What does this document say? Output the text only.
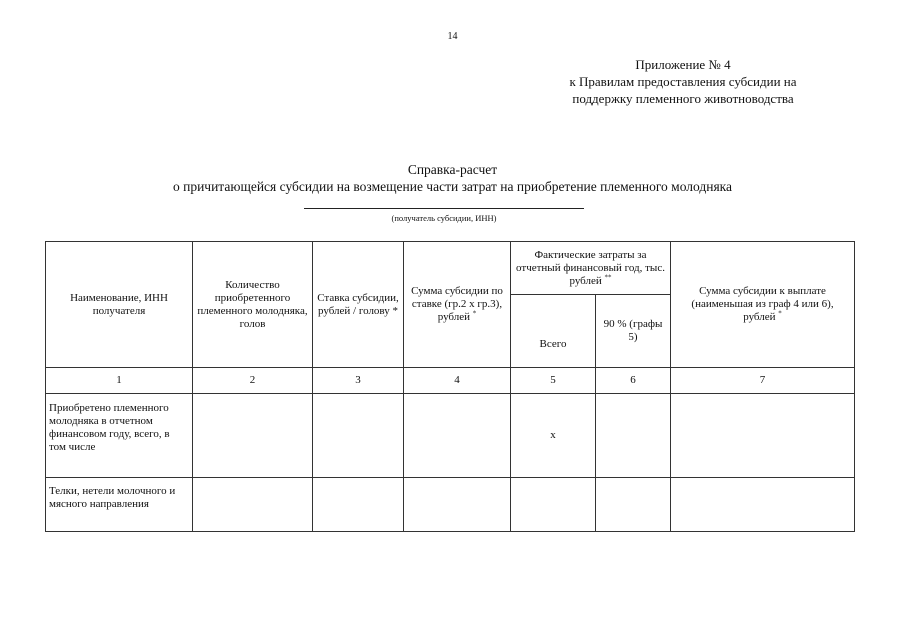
14
Приложение № 4
к Правилам предоставления субсидии на
поддержку племенного животноводства
Справка-расчет
о причитающейся субсидии на возмещение части затрат на приобретение племенного молодняка
(получатель субсидии, ИНН)
Наименование, ИНН получателя	Количество приобретенного племенного молодняка, голов	Ставка субсидии, рублей / голову *	Сумма субсидии по ставке (гр.2 х гр.3), рублей *	Фактические затраты за отчетный финансовый год, тыс. рублей **		Сумма субсидии к выплате (наименьшая из граф 4 или 6), рублей *
				Всего	90 % (графы 5)	
1	2	3	4	5	6	7
Приобретено племенного молодняка в отчетном финансовом году, всего, в том числе				х		
Телки, нетели молочного и мясного направления						
